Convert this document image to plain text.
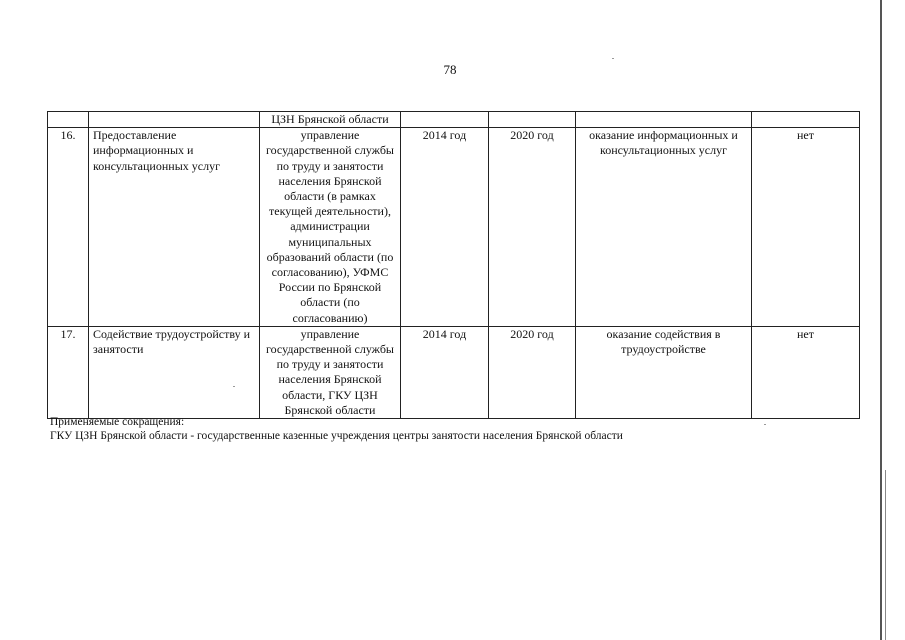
78
		ЦЗН Брянской области				
16.	Предоставление информационных и консультационных услуг	управление государственной службы по труду и занятости населения Брянской области (в рамках текущей деятельности), администрации муниципальных образований области (по согласованию), УФМС России по Брянской области (по согласованию)	2014 год	2020 год	оказание информационных и консультационных услуг	нет
17.	Содействие трудоустройству и занятости	управление государственной службы по труду и занятости населения Брянской области, ГКУ ЦЗН Брянской области	2014 год	2020 год	оказание содействия в трудоустройстве	нет
Применяемые сокращения:
ГКУ ЦЗН Брянской области - государственные казенные учреждения центры занятости населения Брянской области
